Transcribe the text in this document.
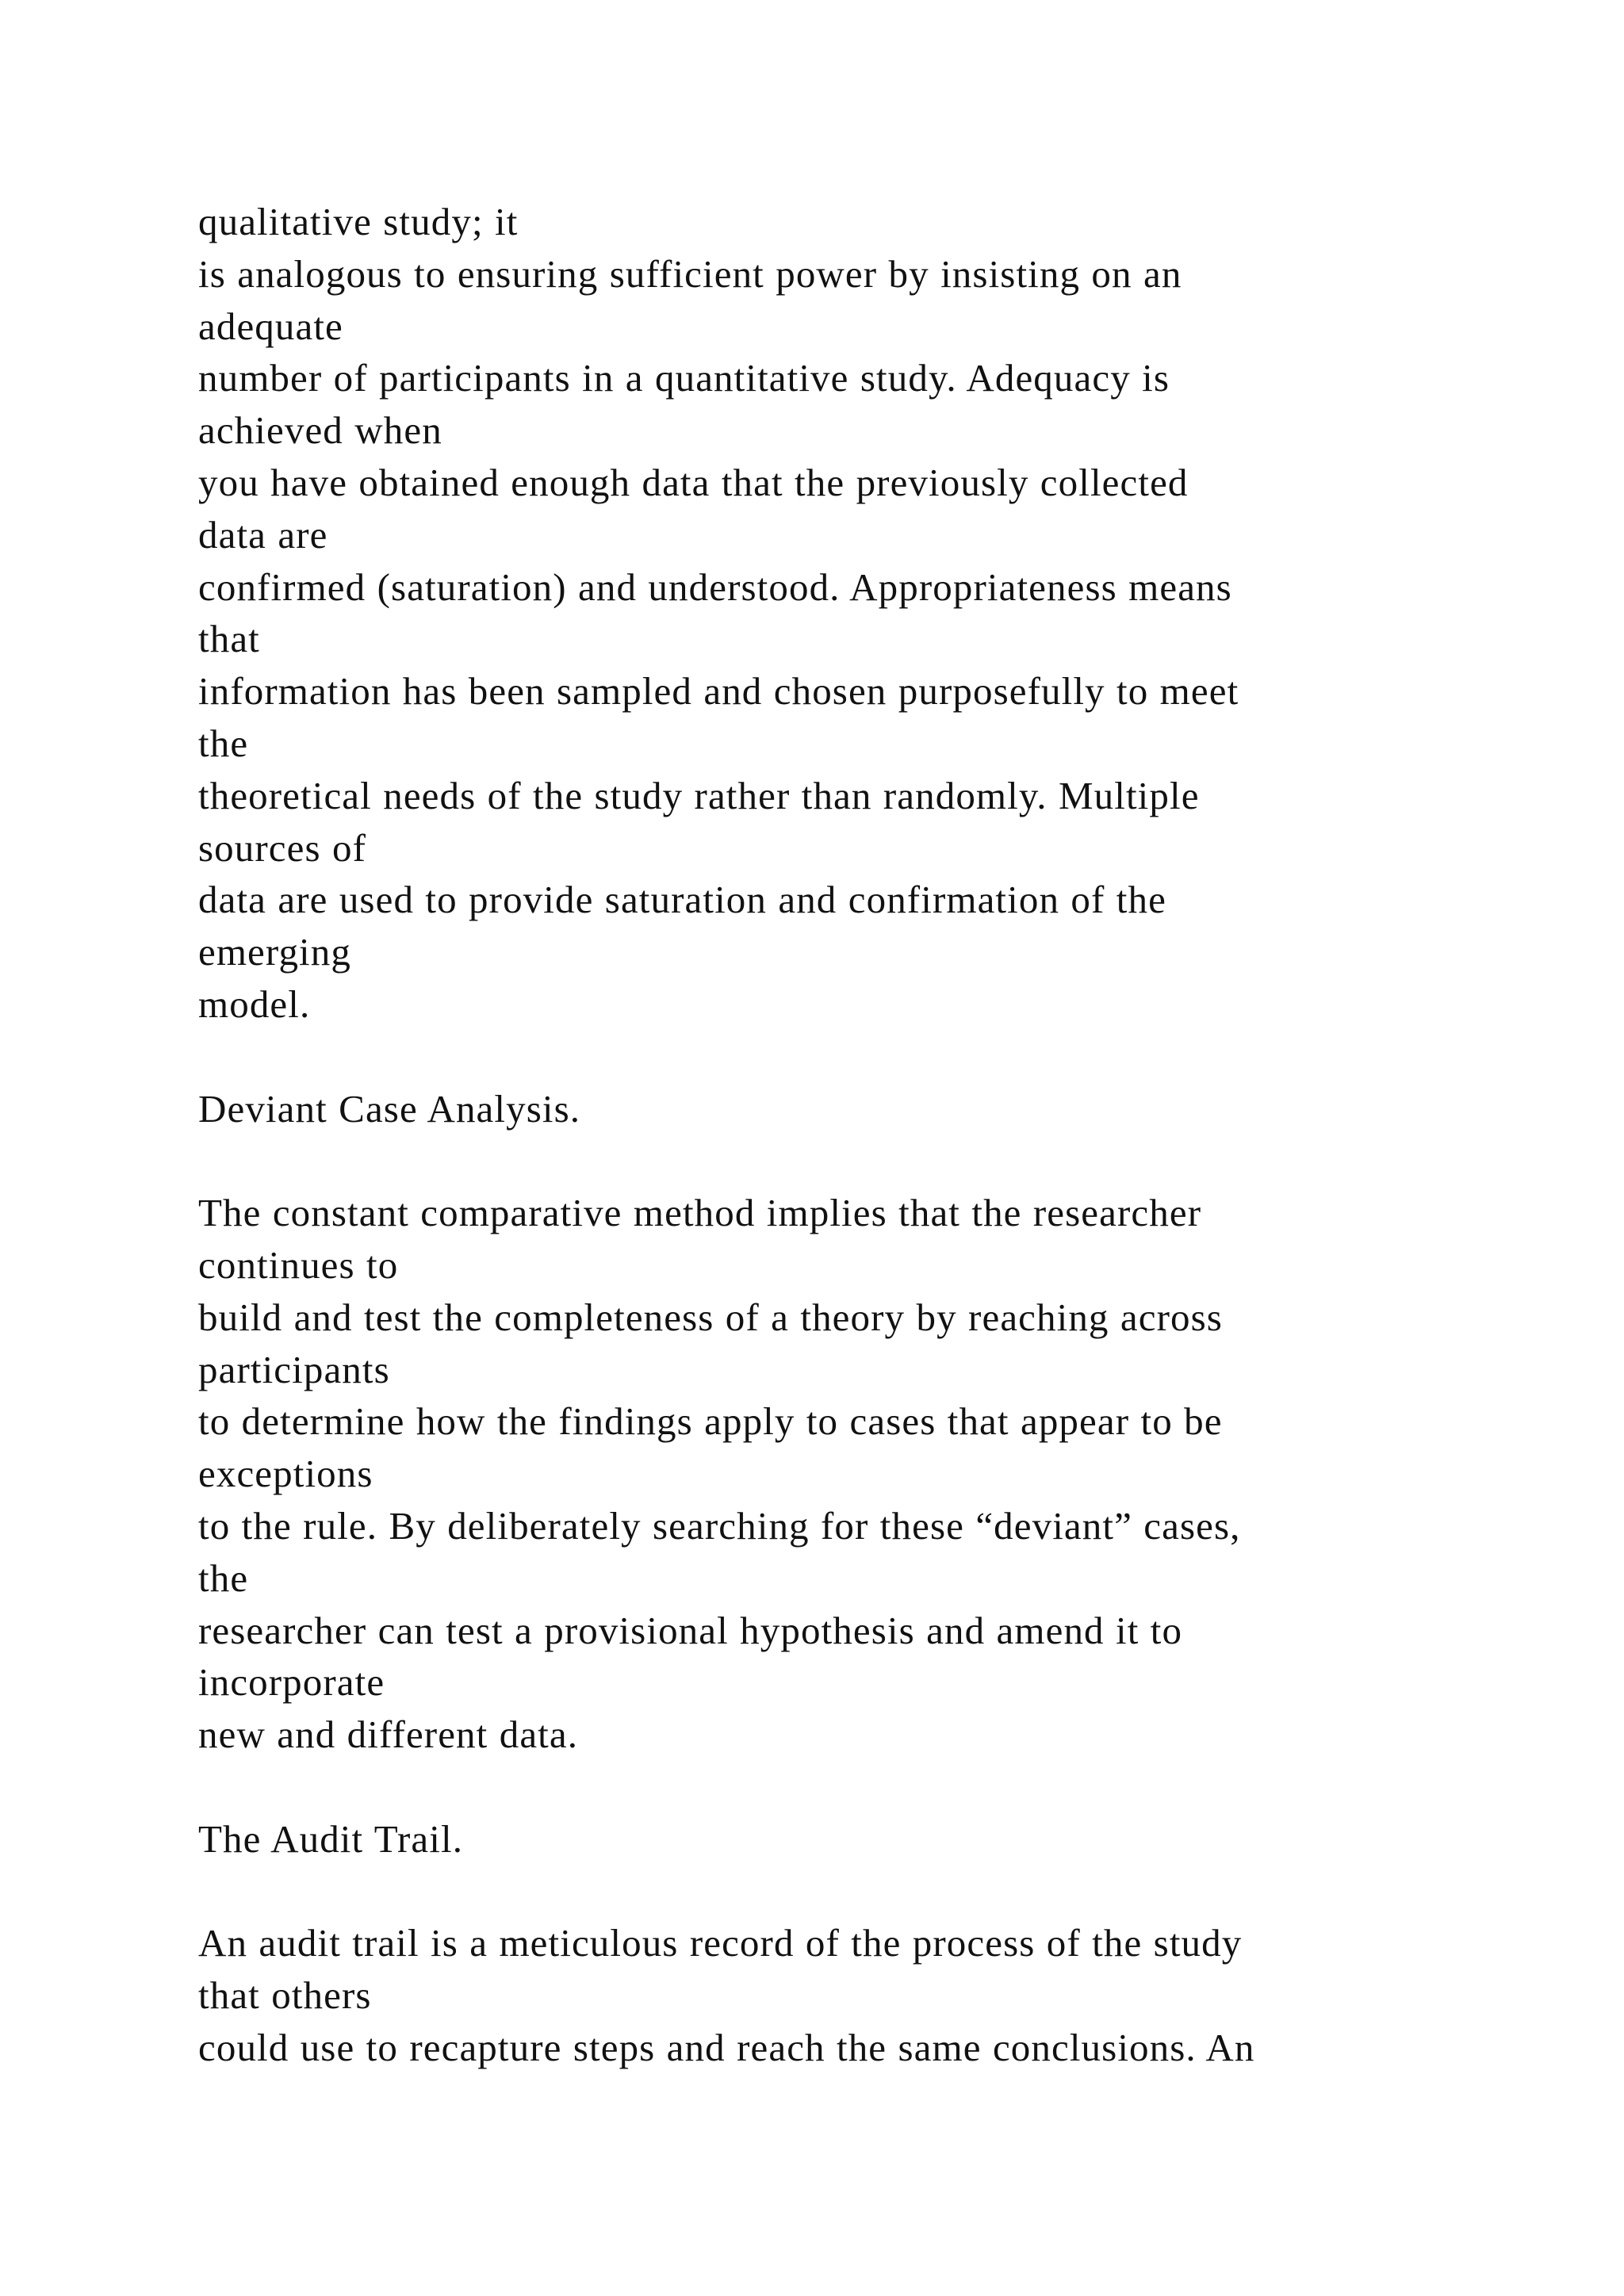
qualitative study; it
is analogous to ensuring sufficient power by insisting on an
adequate
number of participants in a quantitative study. Adequacy is
achieved when
you have obtained enough data that the previously collected
data are
confirmed (saturation) and understood. Appropriateness means
that
information has been sampled and chosen purposefully to meet
the
theoretical needs of the study rather than randomly. Multiple
sources of
data are used to provide saturation and confirmation of the
emerging
model.
Deviant Case Analysis.
The constant comparative method implies that the researcher
continues to
build and test the completeness of a theory by reaching across
participants
to determine how the findings apply to cases that appear to be
exceptions
to the rule. By deliberately searching for these “deviant” cases,
the
researcher can test a provisional hypothesis and amend it to
incorporate
new and different data.
The Audit Trail.
An audit trail is a meticulous record of the process of the study
that others
could use to recapture steps and reach the same conclusions. An
